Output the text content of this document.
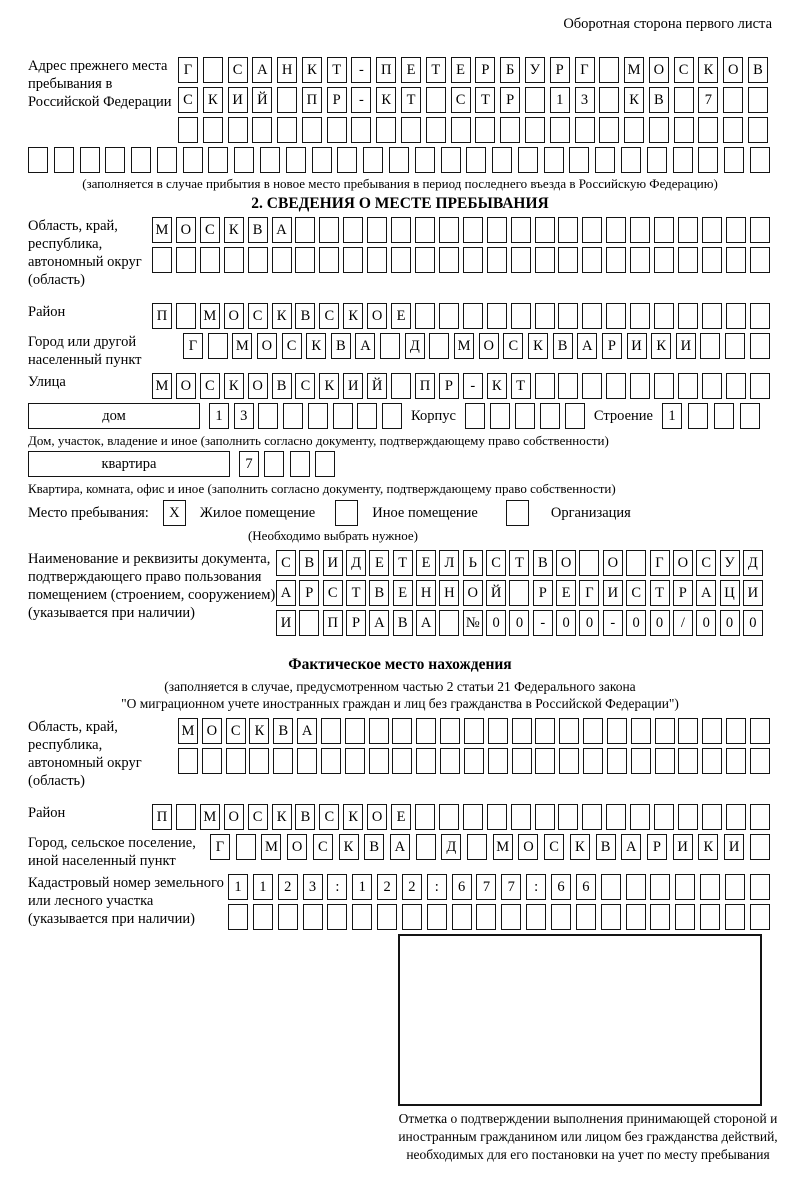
Оборотная сторона первого листа
Адрес прежнего места пребывания в Российской Федерации
Г	С	А Н	К	Т	-	П	Е	Т	Е	Р	Б	У	Р	Г	М О	С	К	О	В
С	К	И Й	П	Р	-	К	Т	С	Т	Р	1	3	К	В	7
(заполняется в случае прибытия в новое место пребывания в период последнего въезда в Российскую Федерацию)
2. СВЕДЕНИЯ О МЕСТЕ ПРЕБЫВАНИЯ
Область, край, республика, автономный округ (область)
М О С К В А
Район	П	М О С К В С К О Е
Город или другой населенный пункт
Г	М О	С	К	В	А	Д	М О	С	К	В	А	Р	И	К	И
Улица	М О С К О В С К И Й	П	Р	-	К	Т
дом	1	3	Корпус	Строение	1
Дом, участок, владение и иное (заполнить согласно документу, подтверждающему право собственности)
квартира	7
Квартира, комната, офис и иное (заполнить согласно документу, подтверждающему право собственности)
Место пребывания:	X	Жилое помещение	Иное помещение	Организация
(Необходимо выбрать нужное)
Наименование и реквизиты документа, подтверждающего право пользования помещением (строением, сооружением) (указывается при наличии)
С В И Д Е Т Е Л Ь С Т В О	О	Г О С У Д
А Р С Т В Е Н Н О Й	Р	Е	Г И С Т	Р А Ц И
И	П Р А В А	№ 0	0	-	0	0	-	0	0	/	0	0	0
Фактическое место нахождения
(заполняется в случае, предусмотренном частью 2 статьи 21 Федерального закона
"О миграционном учете иностранных граждан и лиц без гражданства в Российской Федерации")
Область, край, республика, автономный округ (область)
М О С К В А
Район	П	М О С К В С К О Е
Город, сельское поселение, иной населенный пункт
Г	М О	С	К	В	А	Д	М О	С	К	В	А	Р	И	К	И
Кадастровый номер земельного или лесного участка (указывается при наличии)
1	1	2	3	:	1	2	2	:	6	7	7	:	6	6
Отметка о подтверждении выполнения принимающей стороной и иностранным гражданином или лицом без гражданства действий, необходимых для его постановки на учет по месту пребывания
